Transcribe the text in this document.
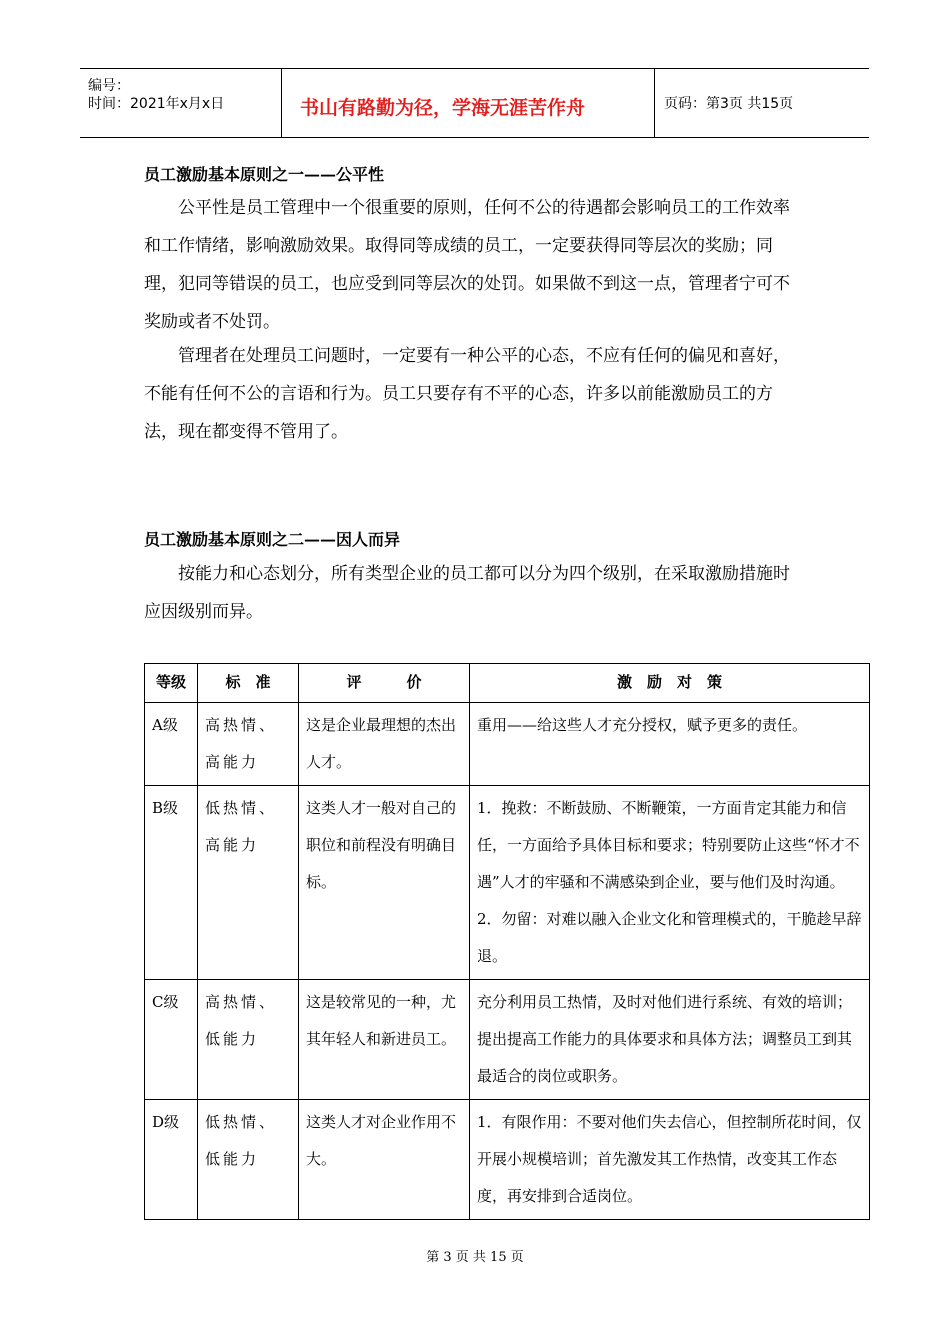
编号：
时间：2021年x月x日	书山有路勤为径，学海无涯苦作舟	页码：第3页 共15页
员工激励基本原则之一——公平性
公平性是员工管理中一个很重要的原则，任何不公的待遇都会影响员工的工作效率和工作情绪，影响激励效果。取得同等成绩的员工，一定要获得同等层次的奖励；同理，犯同等错误的员工，也应受到同等层次的处罚。如果做不到这一点，管理者宁可不奖励或者不处罚。
管理者在处理员工问题时，一定要有一种公平的心态，不应有任何的偏见和喜好，不能有任何不公的言语和行为。员工只要存有不平的心态，许多以前能激励员工的方法，现在都变得不管用了。
员工激励基本原则之二——因人而异
按能力和心态划分，所有类型企业的员工都可以分为四个级别，在采取激励措施时应因级别而异。
等级	标　准	评　　　价	激　励　对　策
A级	高热情、高能力	这是企业最理想的杰出人才。	重用——给这些人才充分授权，赋予更多的责任。

B级	低热情、高能力	这类人才一般对自己的职位和前程没有明确目标。	1．挽救：不断鼓励、不断鞭策，一方面肯定其能力和信任，一方面给予具体目标和要求；特别要防止这些“怀才不遇”人才的牢骚和不满感染到企业，要与他们及时沟通。
2．勿留：对难以融入企业文化和管理模式的，干脆趁早辞退。

C级	高热情、低能力	这是较常见的一种，尤其年轻人和新进员工。	充分利用员工热情，及时对他们进行系统、有效的培训；提出提高工作能力的具体要求和具体方法；调整员工到其最适合的岗位或职务。

D级	低热情、低能力	这类人才对企业作用不大。	1．有限作用：不要对他们失去信心，但控制所花时间，仅开展小规模培训；首先激发其工作热情，改变其工作态度，再安排到合适岗位。
第 3 页 共 15 页
